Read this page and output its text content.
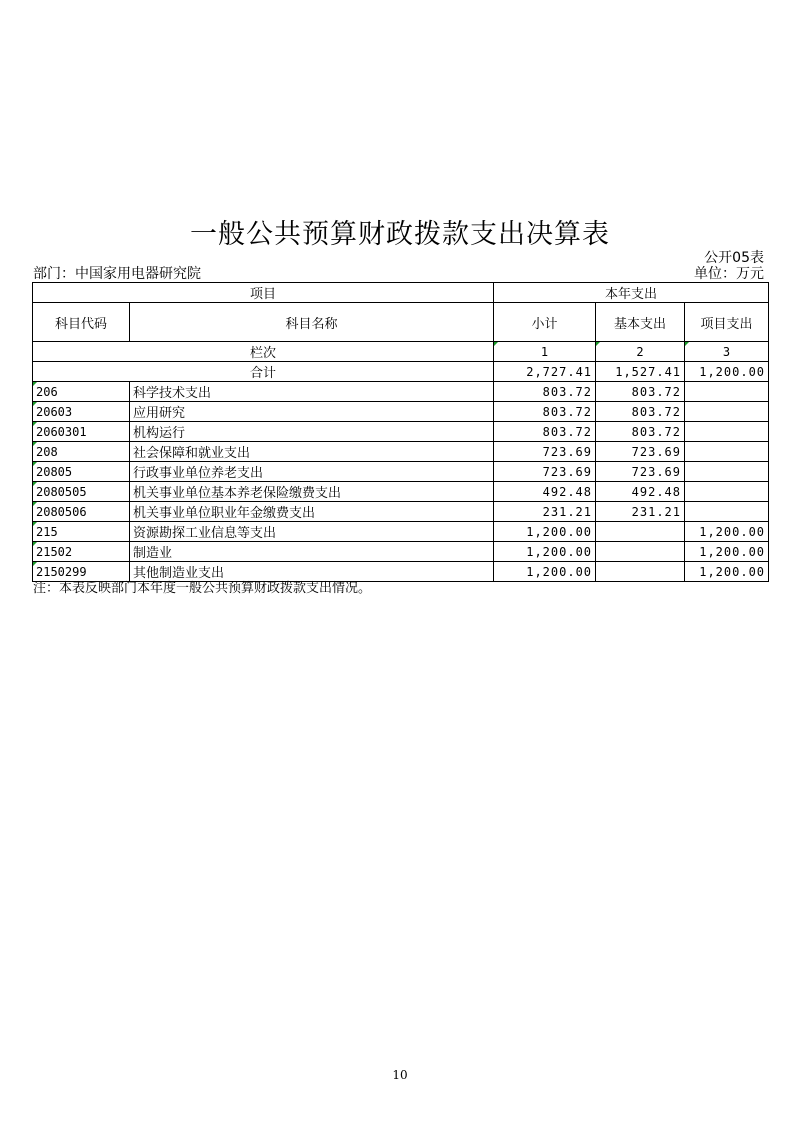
一般公共预算财政拨款支出决算表
公开05表
部门：中国家用电器研究院	单位：万元
项目		本年支出		
科目代码	科目名称	小计	基本支出	项目支出
栏次		1	2	3
合计		2,727.41	1,527.41	1,200.00
206	科学技术支出	803.72	803.72	
20603	应用研究	803.72	803.72	
2060301	机构运行	803.72	803.72	
208	社会保障和就业支出	723.69	723.69	
20805	行政事业单位养老支出	723.69	723.69	
2080505	机关事业单位基本养老保险缴费支出	492.48	492.48	
2080506	机关事业单位职业年金缴费支出	231.21	231.21	
215	资源勘探工业信息等支出	1,200.00		1,200.00
21502	制造业	1,200.00		1,200.00
2150299	其他制造业支出	1,200.00		1,200.00
注：本表反映部门本年度一般公共预算财政拨款支出情况。
10
